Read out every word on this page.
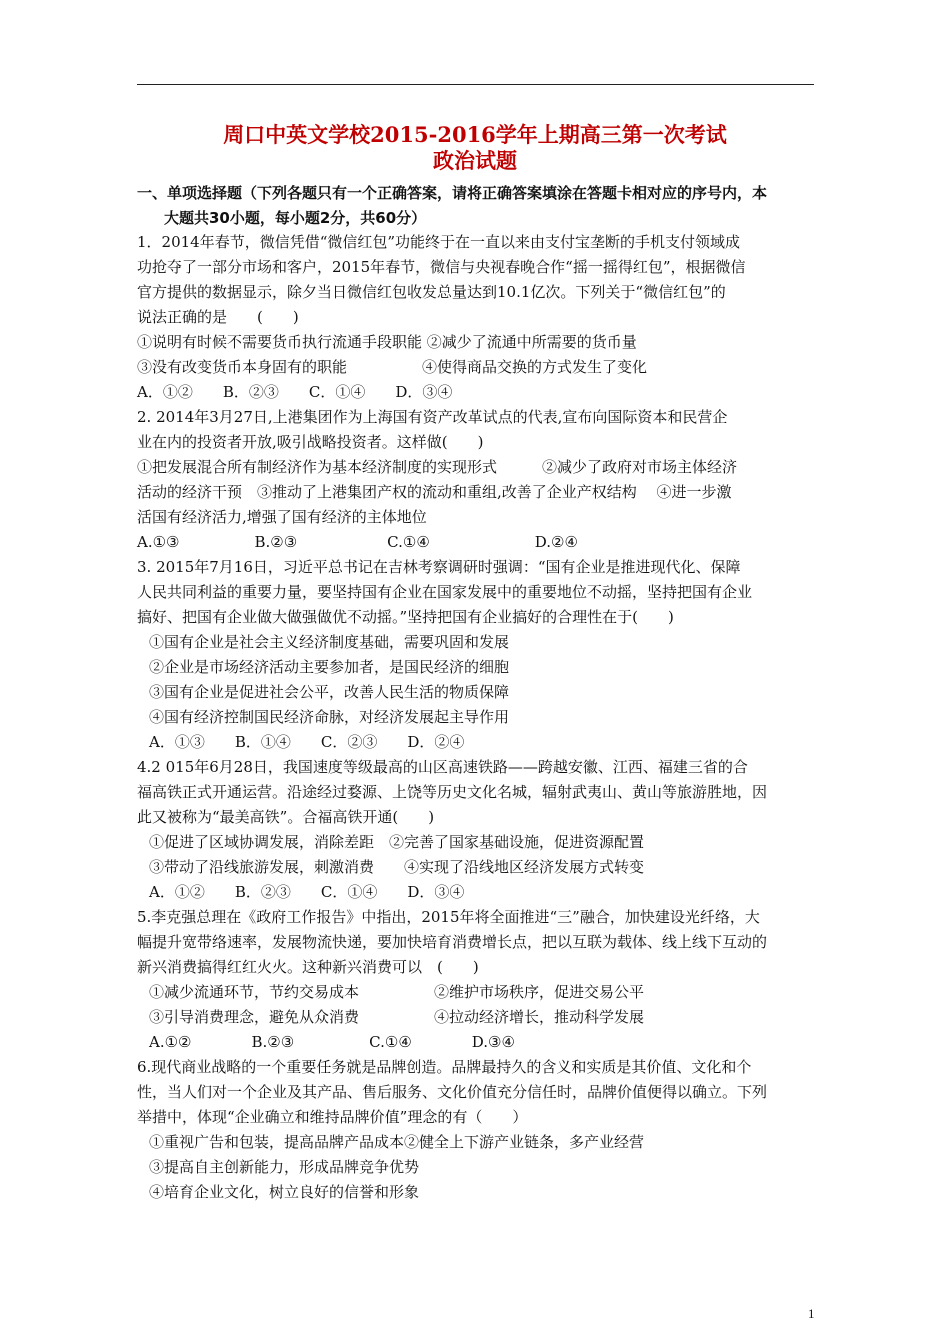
周口中英文学校2015-2016学年上期高三第一次考试
政治试题
一、单项选择题（下列各题只有一个正确答案，请将正确答案填涂在答题卡相对应的序号内，本
大题共30小题，每小题2分，共60分）
1．2014年春节，微信凭借“微信红包”功能终于在一直以来由支付宝垄断的手机支付领域成
功抢夺了一部分市场和客户，2015年春节，微信与央视春晚合作“摇一摇得红包”，根据微信
官方提供的数据显示，除夕当日微信红包收发总量达到10.1亿次。下列关于“微信红包”的
说法正确的是　　(　　)
①说明有时候不需要货币执行流通手段职能 ②减少了流通中所需要的货币量
③没有改变货币本身固有的职能　　　　　④使得商品交换的方式发生了变化
A．①②　　B．②③　　C．①④　　D．③④
2. 2014年3月27日,上港集团作为上海国有资产改革试点的代表,宣布向国际资本和民营企
业在内的投资者开放,吸引战略投资者。这样做(　　)
①把发展混合所有制经济作为基本经济制度的实现形式　　　②减少了政府对市场主体经济
活动的经济干预　③推动了上港集团产权的流动和重组,改善了企业产权结构　 ④进一步激
活国有经济活力,增强了国有经济的主体地位
A.①③　　　　　B.②③　　　　　　C.①④　　　　　　　D.②④
3. 2015年7月16日，习近平总书记在吉林考察调研时强调：“国有企业是推进现代化、保障
人民共同利益的重要力量，要坚持国有企业在国家发展中的重要地位不动摇，坚持把国有企业
搞好、把国有企业做大做强做优不动摇。”坚持把国有企业搞好的合理性在于(　　)
①国有企业是社会主义经济制度基础，需要巩固和发展
②企业是市场经济活动主要参加者，是国民经济的细胞
③国有企业是促进社会公平，改善人民生活的物质保障
④国有经济控制国民经济命脉，对经济发展起主导作用
A．①③　　B．①④　　C．②③　　D．②④
4.2 015年6月28日，我国速度等级最高的山区高速铁路——跨越安徽、江西、福建三省的合
福高铁正式开通运营。沿途经过婺源、上饶等历史文化名城，辐射武夷山、黄山等旅游胜地，因
此又被称为“最美高铁”。合福高铁开通(　　)
①促进了区域协调发展，消除差距　②完善了国家基础设施，促进资源配置
③带动了沿线旅游发展，刺激消费　　④实现了沿线地区经济发展方式转变
A．①②　　B．②③　　C．①④　　D．③④
5.李克强总理在《政府工作报告》中指出，2015年将全面推进“三”融合，加快建设光纤络，大
幅提升宽带络速率，发展物流快递，要加快培育消费增长点，把以互联为载体、线上线下互动的
新兴消费搞得红红火火。这种新兴消费可以　(　　)
①减少流通环节，节约交易成本　　　　　②维护市场秩序，促进交易公平
③引导消费理念，避免从众消费　　　　　④拉动经济增长，推动科学发展
A.①②　　　　B.②③　　　　　C.①④　　　　D.③④
6.现代商业战略的一个重要任务就是品牌创造。品牌最持久的含义和实质是其价值、文化和个
性，当人们对一个企业及其产品、售后服务、文化价值充分信任时，品牌价值便得以确立。下列
举措中，体现“企业确立和维持品牌价值”理念的有（　　）
①重视广告和包装，提高品牌产品成本②健全上下游产业链条，多产业经营
③提高自主创新能力，形成品牌竞争优势
④培育企业文化，树立良好的信誉和形象
1
